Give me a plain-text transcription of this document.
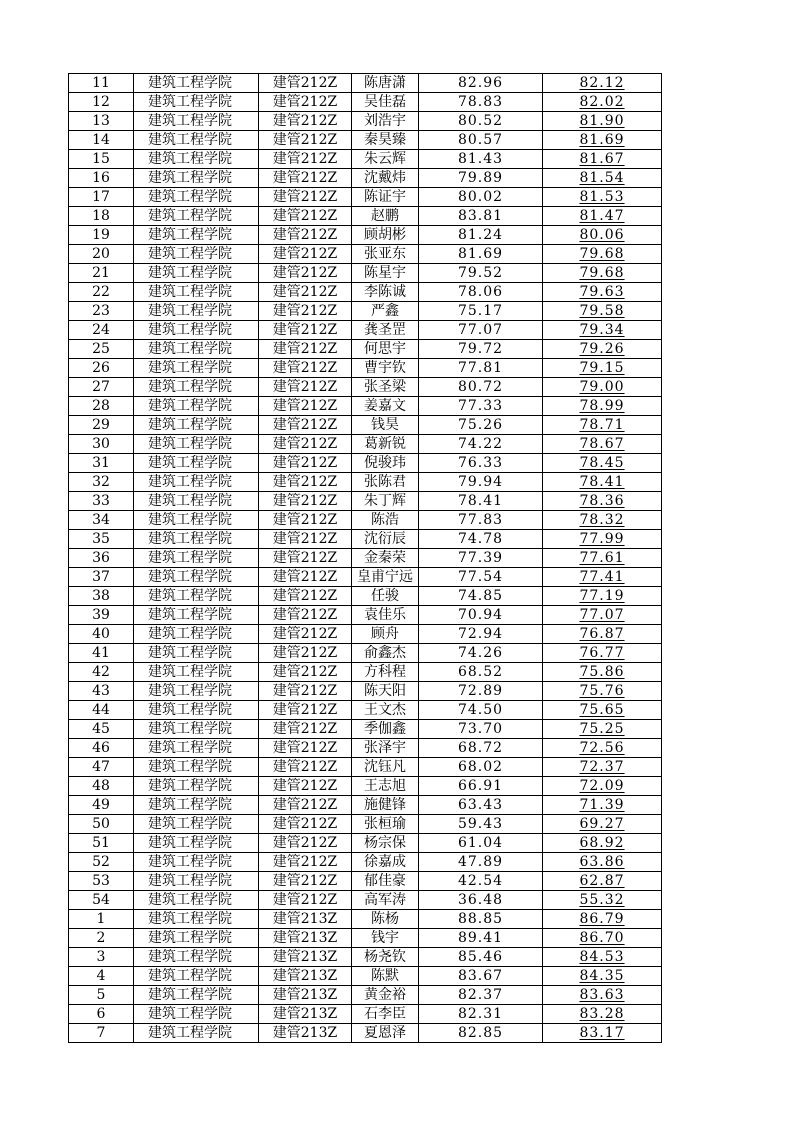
11	建筑工程学院	建管212Z	陈唐潇	82.96	82.12
12	建筑工程学院	建管212Z	吴佳磊	78.83	82.02
13	建筑工程学院	建管212Z	刘浩宇	80.52	81.90
14	建筑工程学院	建管212Z	秦昊臻	80.57	81.69
15	建筑工程学院	建管212Z	朱云辉	81.43	81.67
16	建筑工程学院	建管212Z	沈戴炜	79.89	81.54
17	建筑工程学院	建管212Z	陈证宇	80.02	81.53
18	建筑工程学院	建管212Z	赵鹏	83.81	81.47
19	建筑工程学院	建管212Z	顾胡彬	81.24	80.06
20	建筑工程学院	建管212Z	张亚东	81.69	79.68
21	建筑工程学院	建管212Z	陈星宇	79.52	79.68
22	建筑工程学院	建管212Z	李陈诚	78.06	79.63
23	建筑工程学院	建管212Z	严鑫	75.17	79.58
24	建筑工程学院	建管212Z	龚圣罡	77.07	79.34
25	建筑工程学院	建管212Z	何思宇	79.72	79.26
26	建筑工程学院	建管212Z	曹宇钦	77.81	79.15
27	建筑工程学院	建管212Z	张圣梁	80.72	79.00
28	建筑工程学院	建管212Z	姜嘉文	77.33	78.99
29	建筑工程学院	建管212Z	钱昊	75.26	78.71
30	建筑工程学院	建管212Z	葛新锐	74.22	78.67
31	建筑工程学院	建管212Z	倪骏玮	76.33	78.45
32	建筑工程学院	建管212Z	张陈君	79.94	78.41
33	建筑工程学院	建管212Z	朱丁辉	78.41	78.36
34	建筑工程学院	建管212Z	陈浩	77.83	78.32
35	建筑工程学院	建管212Z	沈衍辰	74.78	77.99
36	建筑工程学院	建管212Z	金秦荣	77.39	77.61
37	建筑工程学院	建管212Z	皇甫宁远	77.54	77.41
38	建筑工程学院	建管212Z	任骏	74.85	77.19
39	建筑工程学院	建管212Z	袁佳乐	70.94	77.07
40	建筑工程学院	建管212Z	顾舟	72.94	76.87
41	建筑工程学院	建管212Z	俞鑫杰	74.26	76.77
42	建筑工程学院	建管212Z	方科程	68.52	75.86
43	建筑工程学院	建管212Z	陈天阳	72.89	75.76
44	建筑工程学院	建管212Z	王文杰	74.50	75.65
45	建筑工程学院	建管212Z	季伽鑫	73.70	75.25
46	建筑工程学院	建管212Z	张泽宇	68.72	72.56
47	建筑工程学院	建管212Z	沈钰凡	68.02	72.37
48	建筑工程学院	建管212Z	王志旭	66.91	72.09
49	建筑工程学院	建管212Z	施健锋	63.43	71.39
50	建筑工程学院	建管212Z	张桓瑜	59.43	69.27
51	建筑工程学院	建管212Z	杨宗保	61.04	68.92
52	建筑工程学院	建管212Z	徐嘉成	47.89	63.86
53	建筑工程学院	建管212Z	郁佳豪	42.54	62.87
54	建筑工程学院	建管212Z	高军涛	36.48	55.32
1	建筑工程学院	建管213Z	陈杨	88.85	86.79
2	建筑工程学院	建管213Z	钱宇	89.41	86.70
3	建筑工程学院	建管213Z	杨尧钦	85.46	84.53
4	建筑工程学院	建管213Z	陈默	83.67	84.35
5	建筑工程学院	建管213Z	黄金裕	82.37	83.63
6	建筑工程学院	建管213Z	石李臣	82.31	83.28
7	建筑工程学院	建管213Z	夏恩泽	82.85	83.17
